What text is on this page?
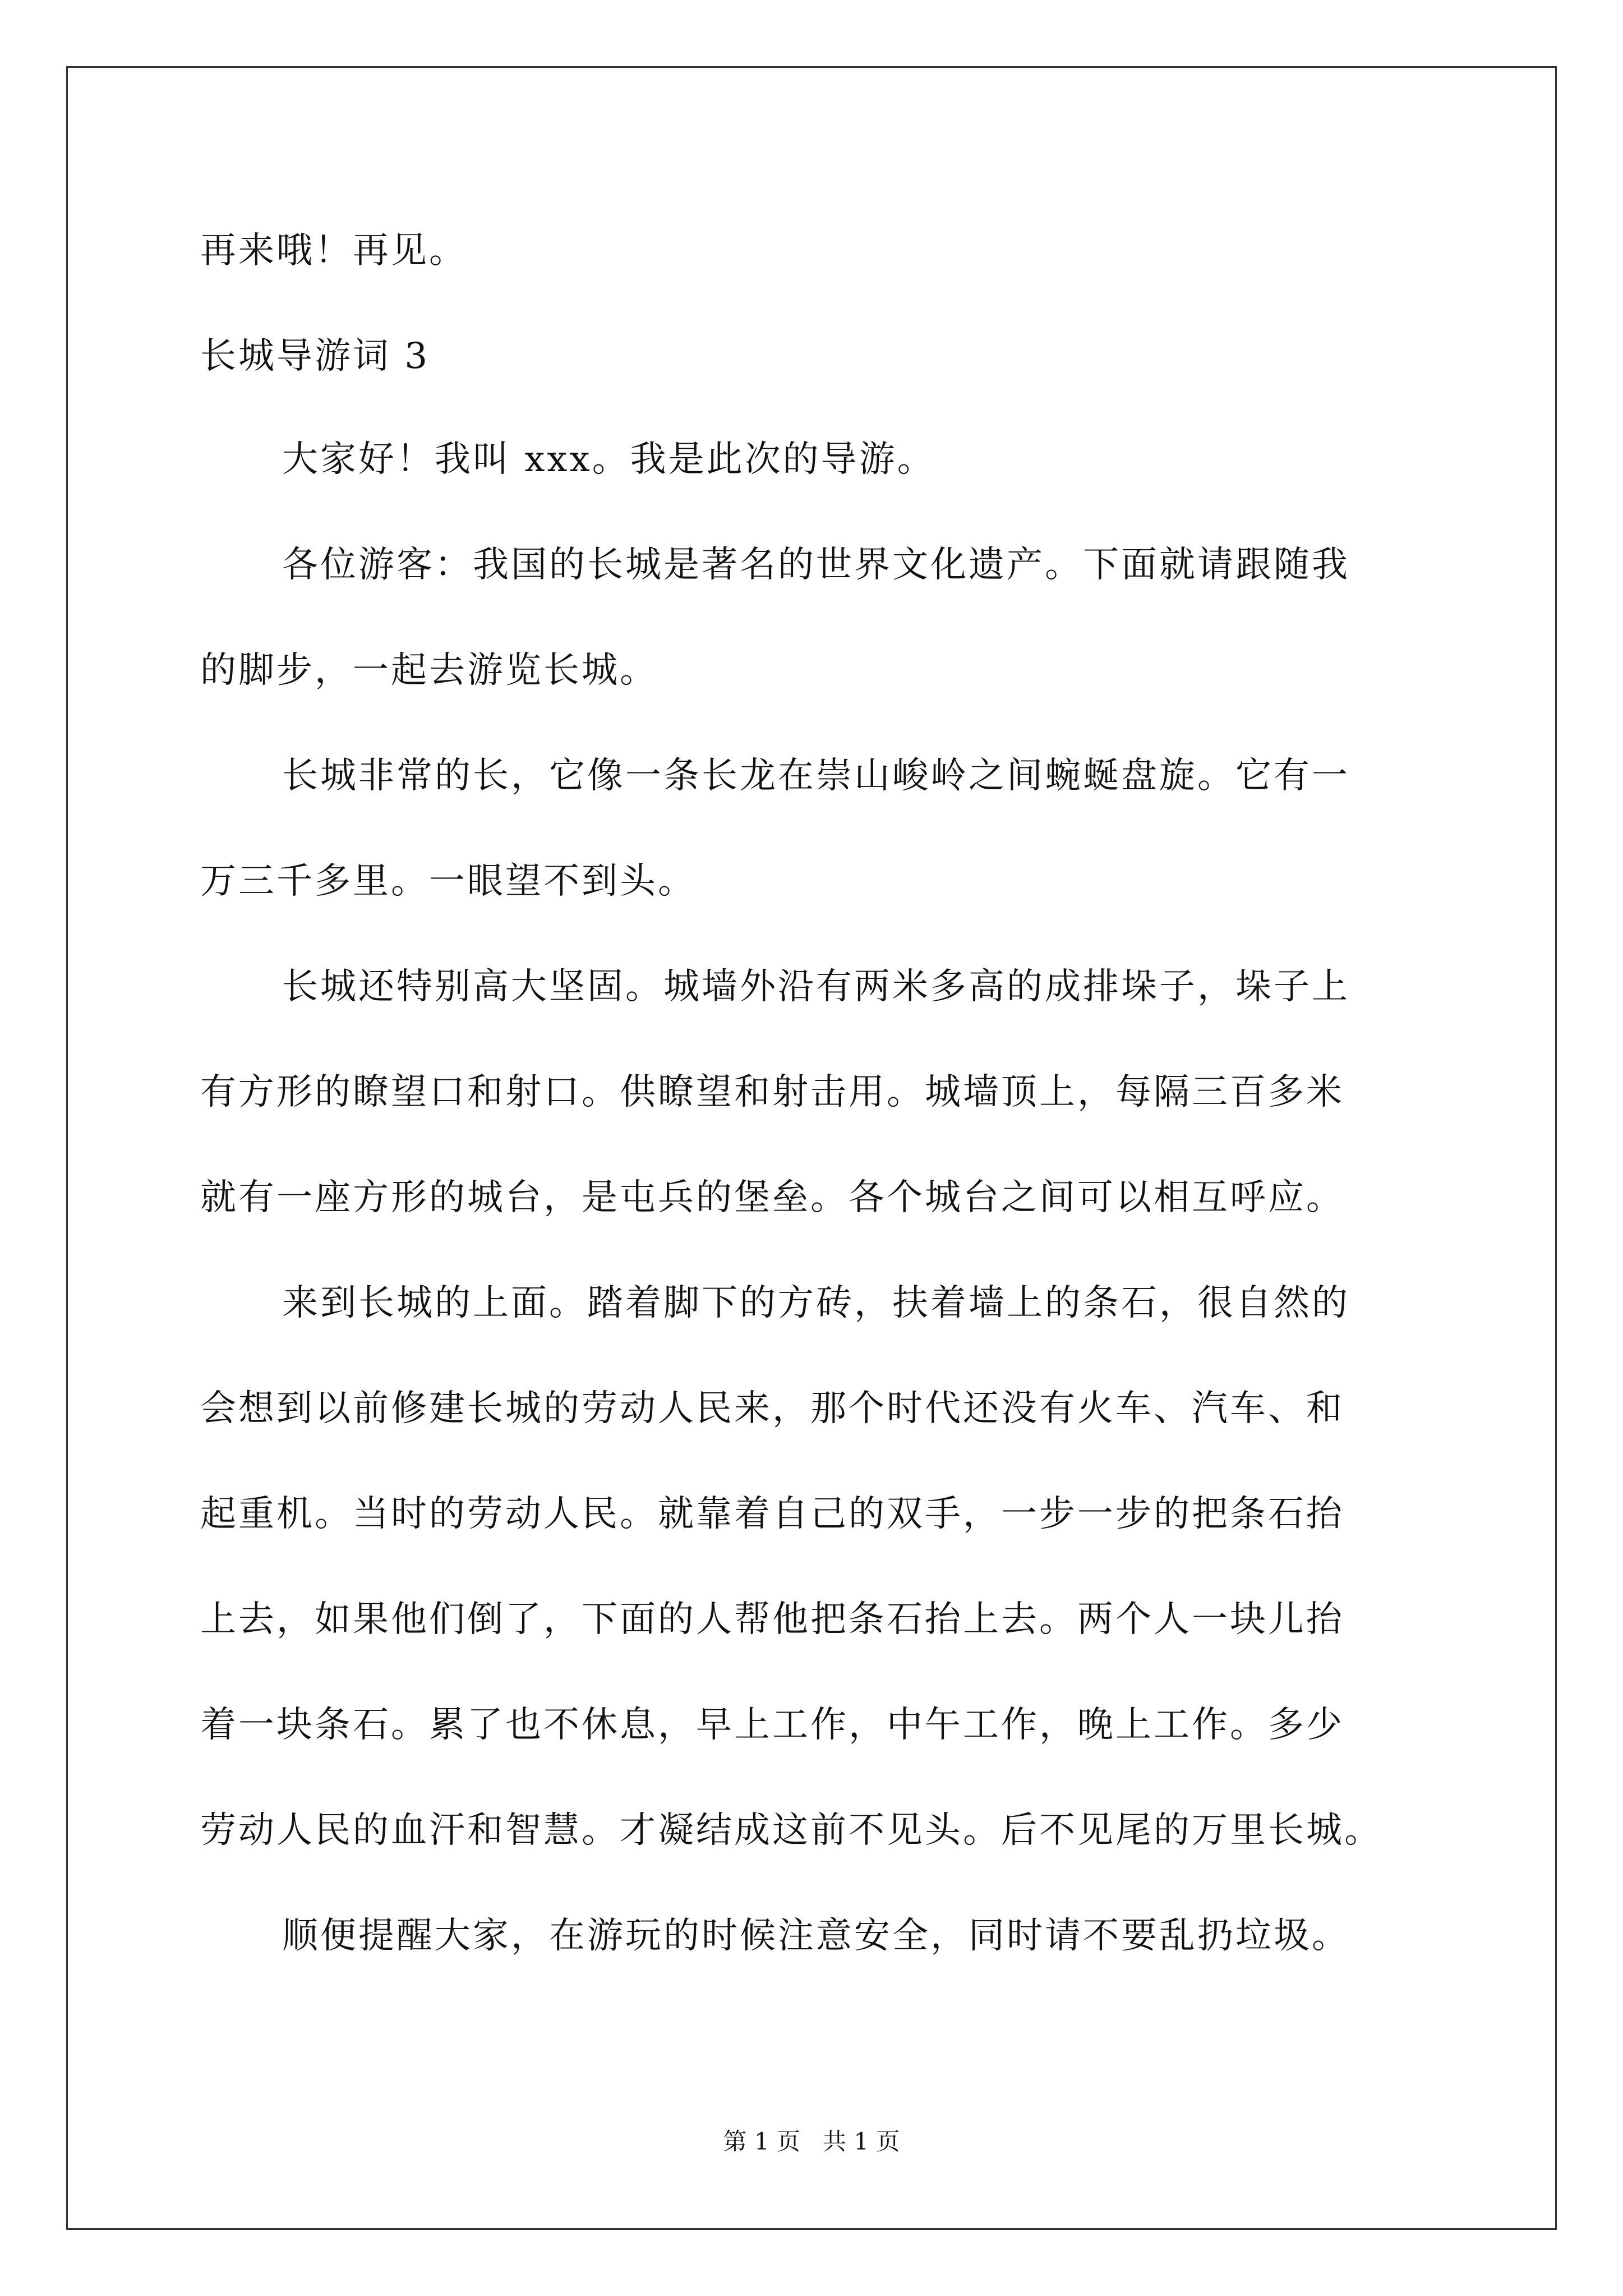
再来哦！再见。
长城导游词 3
大家好！我叫 xxx。我是此次的导游。
各位游客：我国的长城是著名的世界文化遗产。下面就请跟随我
的脚步，一起去游览长城。
长城非常的长，它像一条长龙在崇山峻岭之间蜿蜒盘旋。它有一
万三千多里。一眼望不到头。
长城还特别高大坚固。城墙外沿有两米多高的成排垛子，垛子上
有方形的瞭望口和射口。供瞭望和射击用。城墙顶上，每隔三百多米
就有一座方形的城台，是屯兵的堡垒。各个城台之间可以相互呼应。
来到长城的上面。踏着脚下的方砖，扶着墙上的条石，很自然的
会想到以前修建长城的劳动人民来，那个时代还没有火车、汽车、和
起重机。当时的劳动人民。就靠着自己的双手，一步一步的把条石抬
上去，如果他们倒了，下面的人帮他把条石抬上去。两个人一块儿抬
着一块条石。累了也不休息，早上工作，中午工作，晚上工作。多少
劳动人民的血汗和智慧。才凝结成这前不见头。后不见尾的万里长城。
顺便提醒大家，在游玩的时候注意安全，同时请不要乱扔垃圾。
第 1 页   共 1 页
